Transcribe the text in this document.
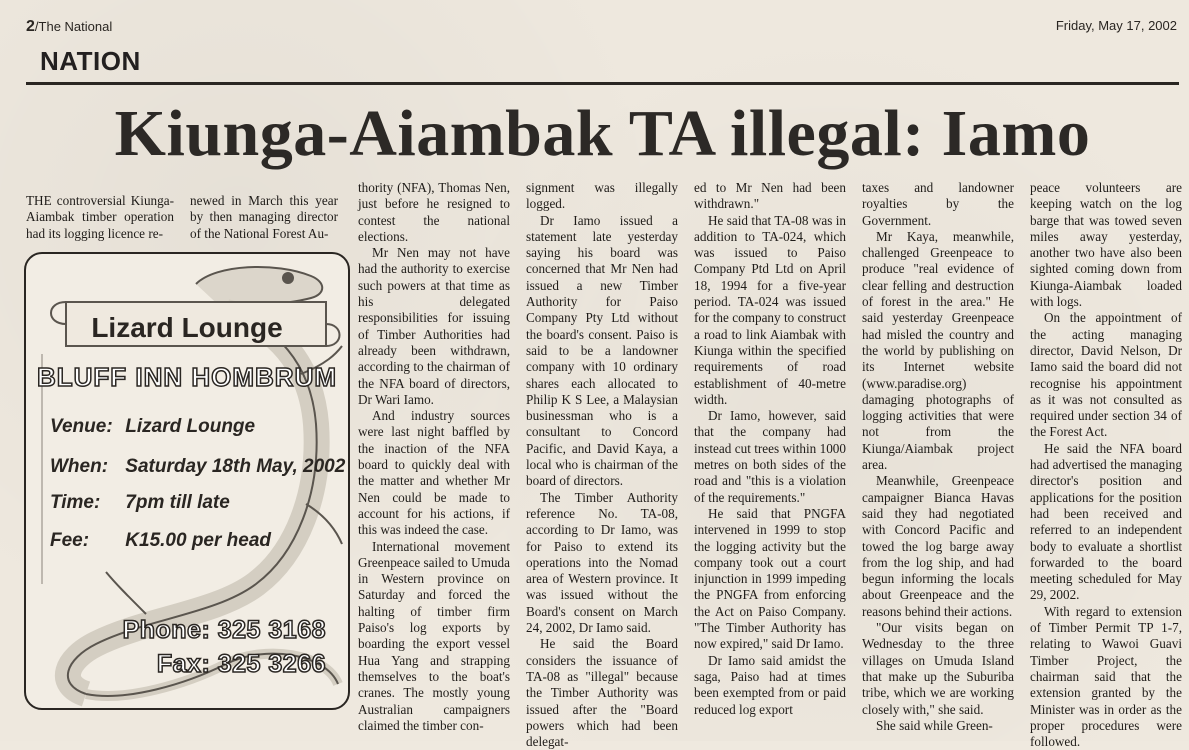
2/The National	Friday, May 17, 2002
NATION
Kiunga-Aiambak TA illegal: Iamo

THE controversial Kiunga-Aiambak timber operation had its logging licence re-

newed in March this year by then managing director of the National Forest Au-

Lizard Lounge
BLUFF INN HOMBRUM
Venue: Lizard Lounge
When: Saturday 18th May, 2002
Time: 7pm till late
Fee: K15.00 per head
Phone: 325 3168
Fax: 325 3266

thority (NFA), Thomas Nen, just before he resigned to contest the national elections.

Mr Nen may not have had the authority to exercise such powers at that time as his delegated responsibilities for issuing of Timber Authorities had already been withdrawn, according to the chairman of the NFA board of directors, Dr Wari Iamo.

And industry sources were last night baffled by the inaction of the NFA board to quickly deal with the matter and whether Mr Nen could be made to account for his actions, if this was indeed the case.

International movement Greenpeace sailed to Umuda in Western province on Saturday and forced the halting of timber firm Paiso's log exports by boarding the export vessel Hua Yang and strapping themselves to the boat's cranes. The mostly young Australian campaigners claimed the timber con-

signment was illegally logged.

Dr Iamo issued a statement late yesterday saying his board was concerned that Mr Nen had issued a new Timber Authority for Paiso Company Pty Ltd without the board's consent. Paiso is said to be a landowner company with 10 ordinary shares each allocated to Philip K S Lee, a Malaysian businessman who is a consultant to Concord Pacific, and David Kaya, a local who is chairman of the board of directors.

The Timber Authority reference No. TA-08, according to Dr Iamo, was for Paiso to extend its operations into the Nomad area of Western province. It was issued without the Board's consent on March 24, 2002, Dr Iamo said.

He said the Board considers the issuance of TA-08 as "illegal" because the Timber Authority was issued after the "Board powers which had been delegat-

ed to Mr Nen had been withdrawn."

He said that TA-08 was in addition to TA-024, which was issued to Paiso Company Ptd Ltd on April 18, 1994 for a five-year period. TA-024 was issued for the company to construct a road to link Aiambak with Kiunga within the specified requirements of road establishment of 40-metre width.

Dr Iamo, however, said that the company had instead cut trees within 1000 metres on both sides of the road and "this is a violation of the requirements."

He said that PNGFA intervened in 1999 to stop the logging activity but the company took out a court injunction in 1999 impeding the PNGFA from enforcing the Act on Paiso Company. "The Timber Authority has now expired," said Dr Iamo.

Dr Iamo said amidst the saga, Paiso had at times been exempted from or paid reduced log export

taxes and landowner royalties by the Government.

Mr Kaya, meanwhile, challenged Greenpeace to produce "real evidence of clear felling and destruction of forest in the area." He said yesterday Greenpeace had misled the country and the world by publishing on its Internet website (www.paradise.org) damaging photographs of logging activities that were not from the Kiunga/Aiambak project area.

Meanwhile, Greenpeace campaigner Bianca Havas said they had negotiated with Concord Pacific and towed the log barge away from the log ship, and had begun informing the locals about Greenpeace and the reasons behind their actions.

"Our visits began on Wednesday to the three villages on Umuda Island that make up the Suburiba tribe, which we are working closely with," she said.

She said while Green-

peace volunteers are keeping watch on the log barge that was towed seven miles away yesterday, another two have also been sighted coming down from Kiunga-Aiambak loaded with logs.

On the appointment of the acting managing director, David Nelson, Dr Iamo said the board did not recognise his appointment as it was not consulted as required under section 34 of the Forest Act.

He said the NFA board had advertised the managing director's position and applications for the position had been received and referred to an independent body to evaluate a shortlist forwarded to the board meeting scheduled for May 29, 2002.

With regard to extension of Timber Permit TP 1-7, relating to Wawoi Guavi Timber Project, the chairman said that the extension granted by the Minister was in order as the proper procedures were followed.
